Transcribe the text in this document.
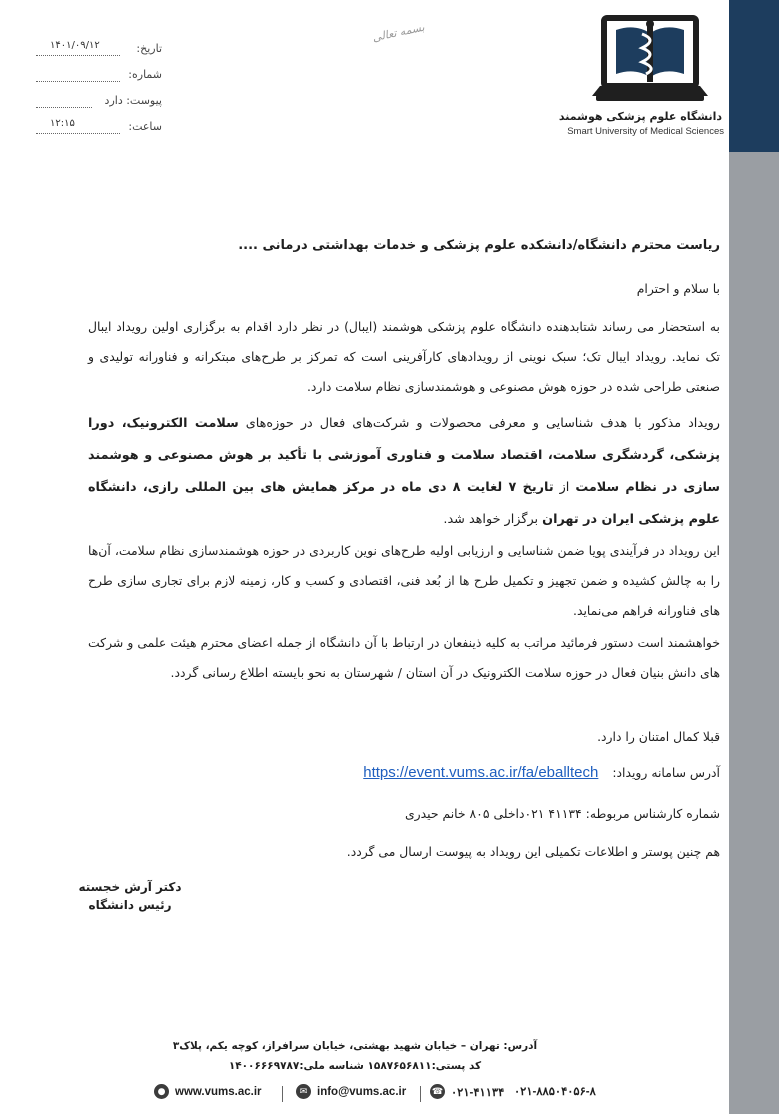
دانشگاه علوم پزشکی هوشمند
Smart University of Medical Sciences
بسمه تعالی
تاریخ:
۱۴۰۱/۰۹/۱۲
شماره:
پیوست: دارد
ساعت:
۱۲:۱۵
ریاست محترم دانشگاه/دانشکده علوم پزشکی و خدمات بهداشتی درمانی ....
با سلام و احترام
به استحضار می رساند شتابدهنده دانشگاه علوم پزشکی هوشمند (ایبال) در نظر دارد اقدام به برگزاری اولین رویداد ایبال تک نماید. رویداد ایبال تک؛ سبک نوینی از رویدادهای کارآفرینی است که تمرکز بر طرح‌های مبتکرانه و فناورانه تولیدی و صنعتی طراحی شده در حوزه هوش مصنوعی و هوشمندسازی نظام سلامت دارد.
رویداد مذکور با هدف شناسایی و معرفی محصولات و شرکت‌های فعال در حوزه‌های سلامت الکترونیک، دورا پزشکی، گردشگری سلامت، اقتصاد سلامت و فناوری آموزشی با تأکید بر هوش مصنوعی و هوشمند سازی در نظام سلامت از تاریخ ۷ لغایت ۸ دی ماه در مرکز همایش های بین المللی رازی، دانشگاه علوم پزشکی ایران در تهران برگزار خواهد شد.
این رویداد در فرآیندی پویا ضمن شناسایی و ارزیابی اولیه طرح‌های نوین کاربردی در حوزه هوشمندسازی نظام سلامت، آن‌ها را به چالش کشیده و ضمن تجهیز و تکمیل طرح ها از بُعد فنی، اقتصادی و کسب و کار، زمینه لازم برای تجاری سازی طرح های فناورانه فراهم می‌نماید.
خواهشمند است دستور فرمائید مراتب به کلیه ذینفعان در ارتباط با آن دانشگاه از جمله اعضای محترم هیئت علمی و شرکت های دانش بنیان فعال در حوزه سلامت الکترونیک در آن استان / شهرستان به نحو بایسته اطلاع رسانی گردد.
قبلا کمال امتنان را دارد.
آدرس سامانه رویداد: https://event.vums.ac.ir/fa/eballtech
شماره کارشناس مربوطه: ۴۱۱۳۴ ۰۲۱داخلی ۸۰۵ خانم حیدری
هم چنین پوستر و اطلاعات تکمیلی این رویداد به پیوست ارسال می گردد.
دکتر آرش خجسته
رئیس دانشگاه
آدرس: تهران – خیابان شهید بهشتی، خیابان سرافراز، کوچه یکم، پلاک۳
کد پستی:۱۵۸۷۶۵۶۸۱۱ شناسه ملی:۱۴۰۰۶۶۶۹۷۸۷
● www.vums.ac.ir	✉ info@vums.ac.ir	☎ ۰۲۱-۴۱۱۳۴ ۰۲۱-۸۸۵۰۴۰۵۶-۸
